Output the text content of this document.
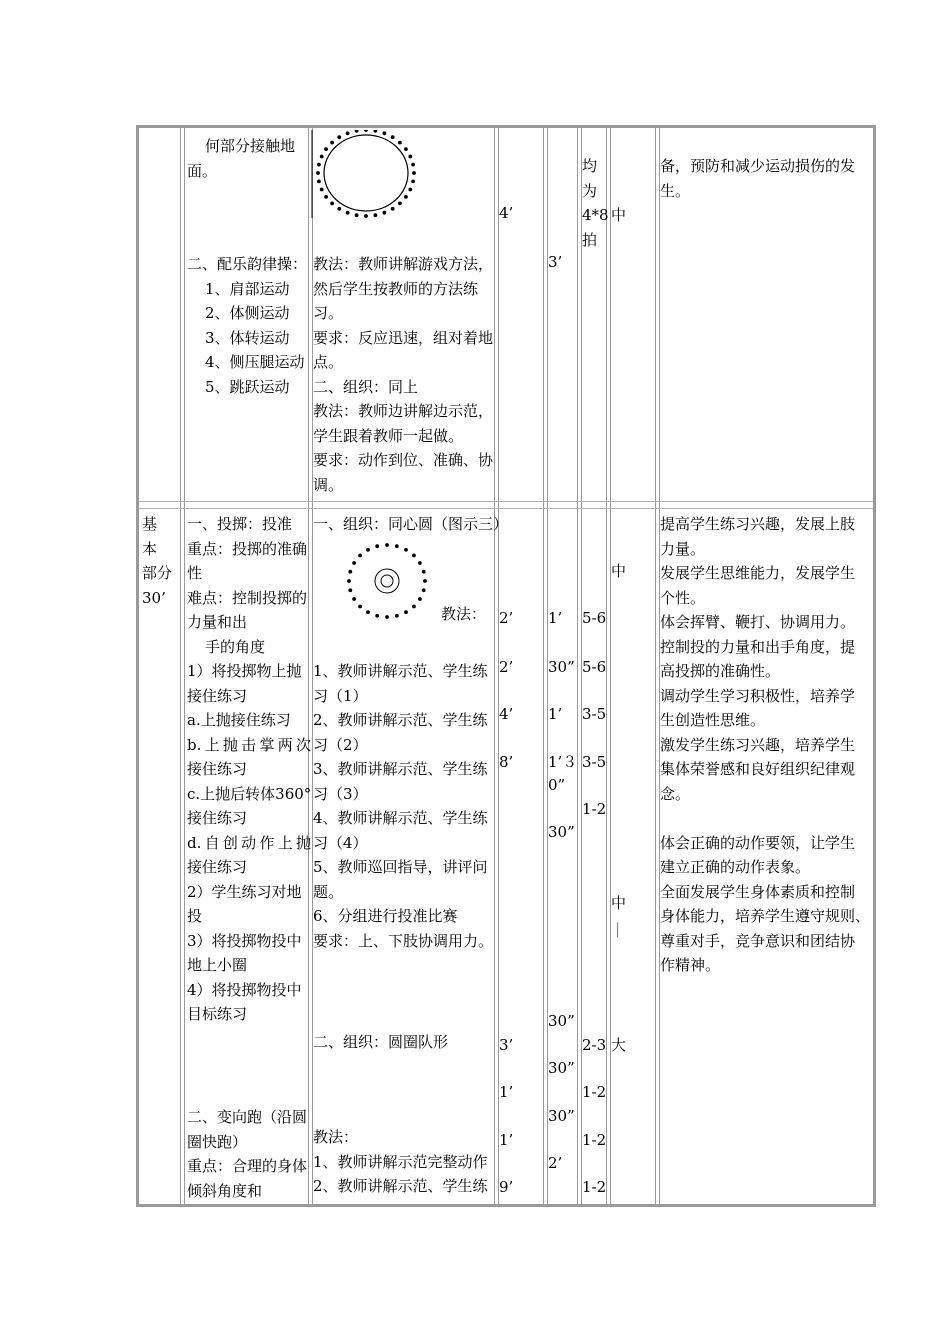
何部分接触地

面。

二、配乐韵律操：

1、肩部运动

2、体侧运动

3、体转运动

4、侧压腿运动

5、跳跃运动

教法：教师讲解游戏方法，

然后学生按教师的方法练

习。

要求：反应迅速，组对着地

点。

二、组织：同上

教法：教师边讲解边示范，

学生跟着教师一起做。

要求：动作到位、准确、协

调。

4’
3’

均

为

4*8

拍

中

备，预防和减少运动损伤的发

生。

基　本

部分

30’

一、投掷：投准

重点：投掷的准确

性

难点：控制投掷的

力量和出

手的角度

1）将投掷物上抛

接住练习

a.上抛接住练习

b.上抛击掌两次

接住练习

c.上抛后转体360°

接住练习

d.自创动作上抛

接住练习

2）学生练习对地

投

3）将投掷物投中

地上小圈

4）将投掷物投中

目标练习

二、变向跑（沿圆

圈快跑）

重点：合理的身体

倾斜角度和

一、组织：同心圆（图示三）
教法：

1、教师讲解示范、学生练

习（1）

2、教师讲解示范、学生练

习（2）

3、教师讲解示范、学生练

习（3）

4、教师讲解示范、学生练

习（4）

5、教师巡回指导，讲评问

题。

6、分组进行投准比赛

要求：上、下肢协调用力。

二、组织：圆圈队形

教法：

1、教师讲解示范完整动作

2、教师讲解示范、学生练

2’
2’
4’
8’
3’
1’
1’
9’
1’
30”
1’
1’３
0”
30”
30”
30”
30”
2’
5-6
5-6
3-5
3-5
1-2
2-3
1-2
1-2
1-2
中
中
|
大

提高学生练习兴趣，发展上肢

力量。

发展学生思维能力，发展学生

个性。

体会挥臂、鞭打、协调用力。

控制投的力量和出手角度，提

高投掷的准确性。

调动学生学习积极性，培养学

生创造性思维。

激发学生练习兴趣，培养学生

集体荣誉感和良好组织纪律观

念。

体会正确的动作要领，让学生

建立正确的动作表象。

全面发展学生身体素质和控制

身体能力，培养学生遵守规则、

尊重对手，竞争意识和团结协

作精神。
